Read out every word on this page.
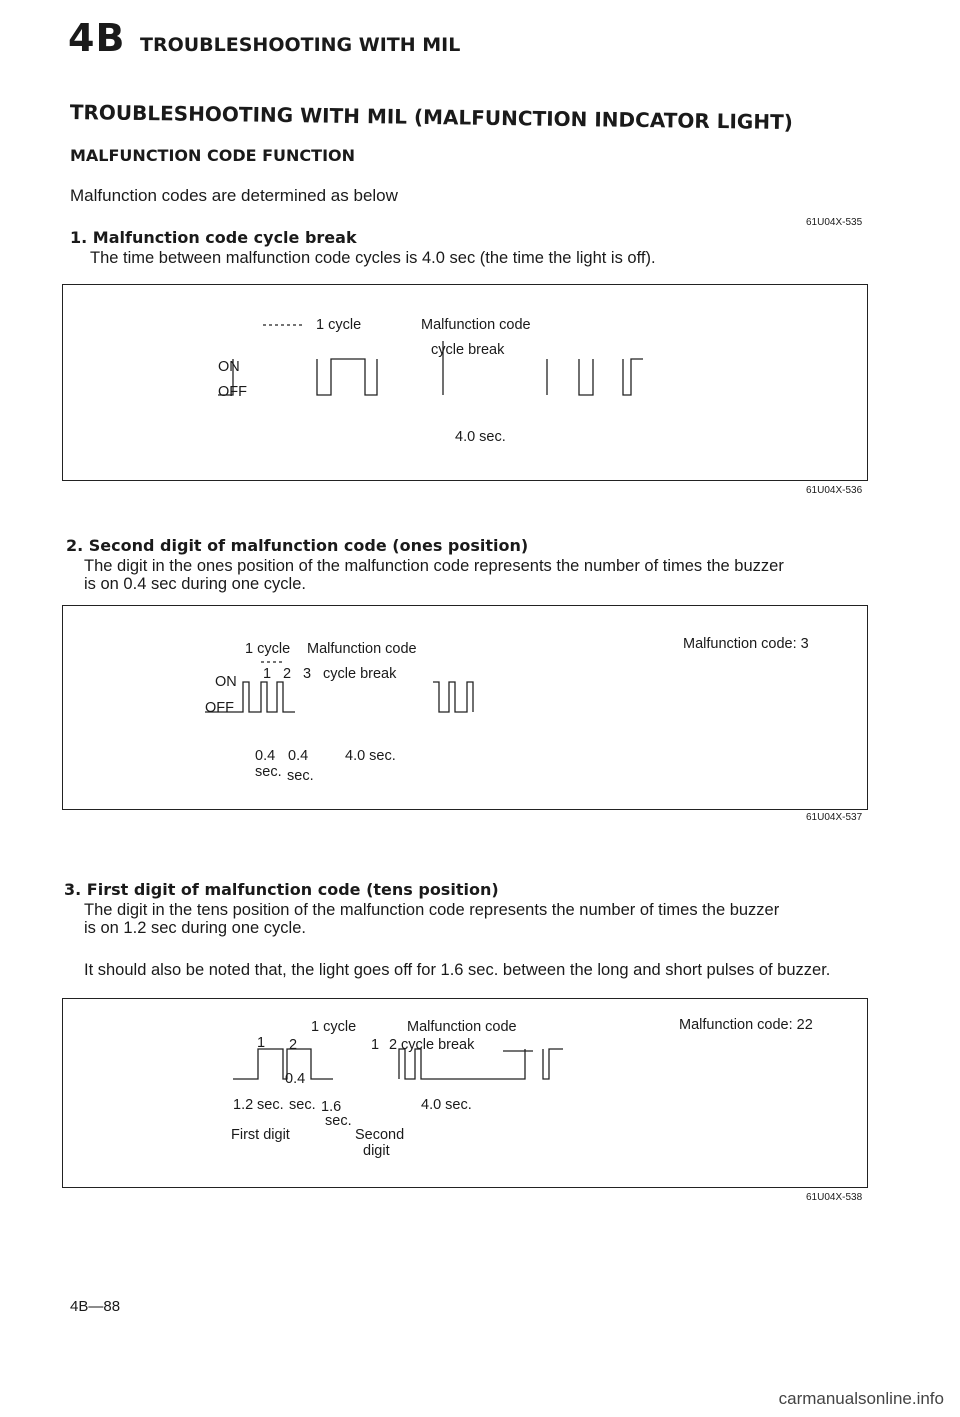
4B TROUBLESHOOTING WITH MIL
TROUBLESHOOTING WITH MIL (MALFUNCTION INDCATOR LIGHT)
MALFUNCTION CODE FUNCTION
Malfunction codes are determined as below
61U04X-535
1. Malfunction code cycle break
The time between malfunction code cycles is 4.0 sec (the time the light is off).
1 cycle	Malfunction code
cycle break
ON
OFF
4.0 sec.
61U04X-536
2. Second digit of malfunction code (ones position)
The digit in the ones position of the malfunction code represents the number of times the buzzer
is on 0.4 sec during one cycle.
Malfunction code: 3
1 cycle Malfunction code
1 2 3 cycle break
ON
OFF
0.4 0.4
sec. sec.
4.0 sec.
61U04X-537
3. First digit of malfunction code (tens position)
The digit in the tens position of the malfunction code represents the number of times the buzzer
is on 1.2 sec during one cycle.
It should also be noted that, the light goes off for 1.6 sec. between the long and short pulses of buzzer.
Malfunction code: 22
1 cycle	Malfunction code
1 2	1 2 cycle break
0.4
1.2 sec. sec. 1.6
sec.
4.0 sec.
First digit	Second
digit
61U04X-538
4B—88
carmanualsonline.info
